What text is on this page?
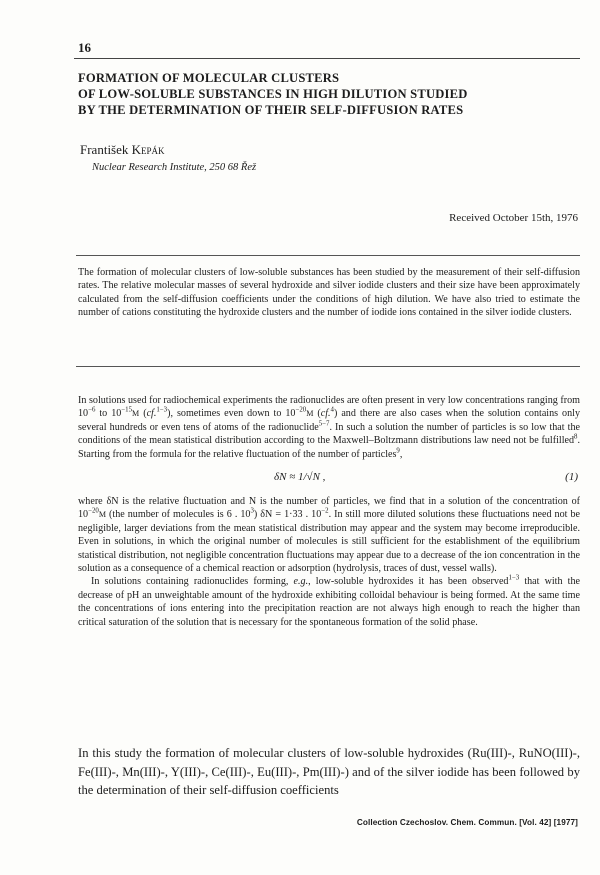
16
FORMATION OF MOLECULAR CLUSTERS
OF LOW-SOLUBLE SUBSTANCES IN HIGH DILUTION STUDIED
BY THE DETERMINATION OF THEIR SELF-DIFFUSION RATES
František Kepák
Nuclear Research Institute, 250 68 Řež
Received October 15th, 1976

The formation of molecular clusters of low-soluble substances has been studied by the measurement of their self-diffusion rates. The relative molecular masses of several hydroxide and silver iodide clusters and their size have been approximately calculated from the self-diffusion coefficients under the conditions of high dilution. We have also tried to estimate the number of cations constituting the hydroxide clusters and the number of iodide ions contained in the silver iodide clusters.

In solutions used for radiochemical experiments the radionuclides are often present in very low concentrations ranging from $10^{-6}$ to $10^{-15}M$ (cf.$^{1-3}$), sometimes even down to $10^{-20}M$ (cf.$^4$) and there are also cases when the solution contains only several hundreds or even tens of atoms of the radionuclide$^{5-7}$. In such a solution the number of particles is so low that the conditions of the mean statistical distribution according to the Maxwell–Boltzmann distributions law need not be fulfilled$^8$. Starting from the formula for the relative fluctuation of the number of particles$^9$,

δN ≈ 1/√N ,	(1)

where δN is the relative fluctuation and N is the number of particles, we find that in a solution of the concentration of $10^{-20}M$ (the number of molecules is 6 . $10^3$) δN = 1·33 . $10^{-2}$. In still more diluted solutions these fluctuations need not be negligible, larger deviations from the mean statistical distribution may appear and the system may become irreproducible. Even in solutions, in which the original number of molecules is still sufficient for the establishment of the equilibrium statistical distribution, not negligible concentration fluctuations may appear due to a decrease of the ion concentration in the solution as a consequence of a chemical reaction or adsorption (hydrolysis, traces of dust, vessel walls).

In solutions containing radionuclides forming, e.g., low-soluble hydroxides it has been observed$^{1-3}$ that with the decrease of pH an unweightable amount of the hydroxide exhibiting colloidal behaviour is being formed. At the same time the concentrations of ions entering into the precipitation reaction are not always high enough to reach the higher than critical saturation of the solution that is necessary for the spontaneous formation of the solid phase.

In this study the formation of molecular clusters of low-soluble hydroxides (Ru(III)-, RuNO(III)-, Fe(III)-, Mn(III)-, Y(III)-, Ce(III)-, Eu(III)-, Pm(III)-) and of the silver iodide has been followed by the determination of their self-diffusion coefficients

Collection Czechoslov. Chem. Commun. [Vol. 42] [1977]
